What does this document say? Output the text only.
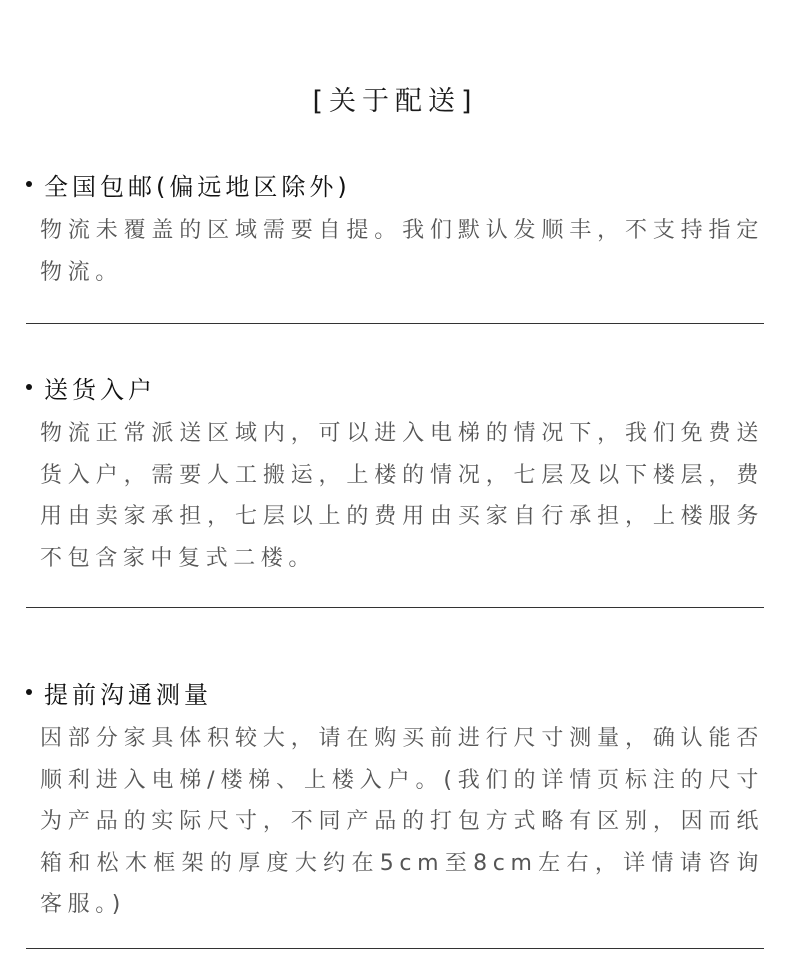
[关于配送]
全国包邮(偏远地区除外)
物流未覆盖的区域需要自提。我们默认发顺丰，不支持指定物流。
送货入户
物流正常派送区域内，可以进入电梯的情况下，我们免费送货入户，需要人工搬运，上楼的情况，七层及以下楼层，费用由卖家承担，七层以上的费用由买家自行承担，上楼服务不包含家中复式二楼。
提前沟通测量
因部分家具体积较大，请在购买前进行尺寸测量，确认能否顺利进入电梯/楼梯、上楼入户。(我们的详情页标注的尺寸为产品的实际尺寸，不同产品的打包方式略有区别，因而纸箱和松木框架的厚度大约在5cm至8cm左右，详情请咨询客服。)
